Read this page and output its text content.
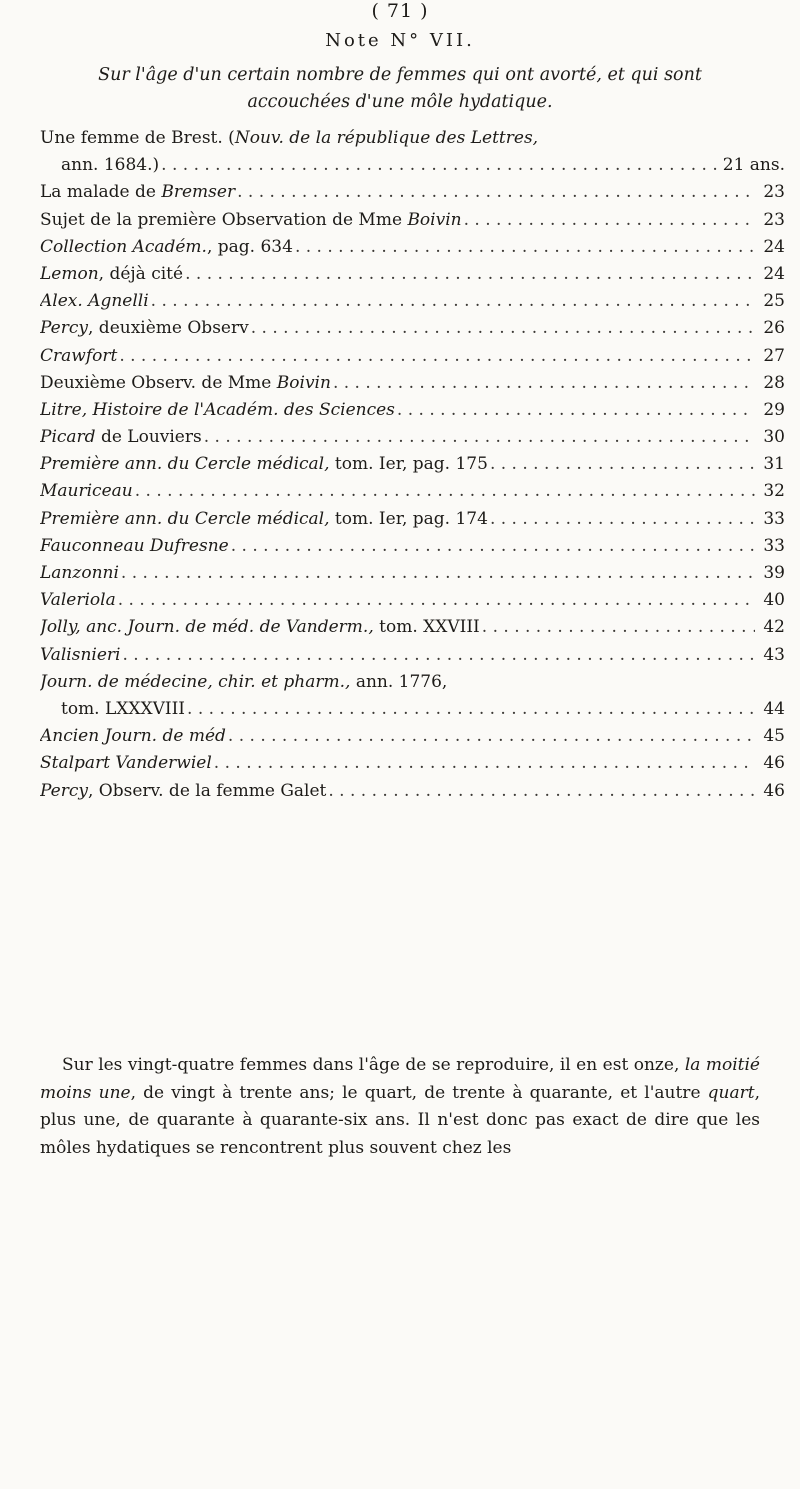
( 71 )
Note N° VII.
Sur l'âge d'un certain nombre de femmes qui ont avorté, et qui sont accouchées d'une môle hydatique.
Une femme de Brest. (Nouv. de la république des Lettres,
ann. 1684.) . . .	21 ans.
La malade de Bremser . . .	23
Sujet de la première Observation de Mme Boivin . . .	23
Collection Académ., pag. 634 . . .	24
Lemon, déjà cité . . .	24
Alex. Agnelli . . .	25
Percy, deuxième Observ . . .	26
Crawfort . . .	27
Deuxième Observ. de Mme Boivin . . .	28
Litre, Histoire de l'Académ. des Sciences . . .	29
Picard de Louviers . . .	30
Première ann. du Cercle médical, tom. Ier, pag. 175 . . .	31
Mauriceau . . .	32
Première ann. du Cercle médical, tom. Ier, pag. 174 . . .	33
Fauconneau Dufresne . . .	33
Lanzonni . . .	39
Valeriola . . .	40
Jolly, anc. Journ. de méd. de Vanderm., tom. XXVIII . . .	42
Valisnieri . . .	43
Journ. de médecine, chir. et pharm., ann. 1776,
tom. LXXXVIII . . .	44
Ancien Journ. de méd . . .	45
Stalpart Vanderwiel . . .	46
Percy, Observ. de la femme Galet . . .	46
Sur les vingt-quatre femmes dans l'âge de se reproduire, il en est onze, la moitié moins une, de vingt à trente ans; le quart, de trente à quarante, et l'autre quart, plus une, de quarante à quarante-six ans. Il n'est donc pas exact de dire que les môles hydatiques se rencontrent plus souvent chez les
